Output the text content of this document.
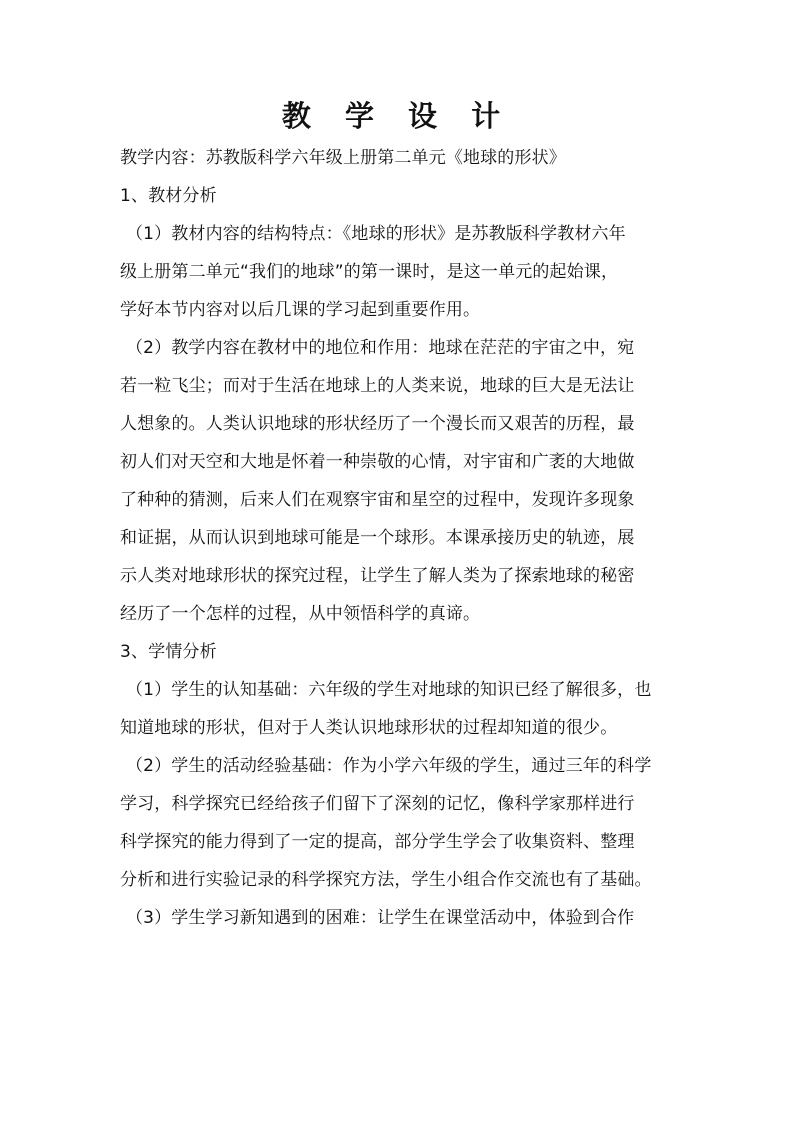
教 学 设 计
教学内容：苏教版科学六年级上册第二单元《地球的形状》
1、教材分析
（1）教材内容的结构特点：《地球的形状》是苏教版科学教材六年
级上册第二单元“我们的地球”的第一课时，是这一单元的起始课，
学好本节内容对以后几课的学习起到重要作用。
（2）教学内容在教材中的地位和作用：地球在茫茫的宇宙之中，宛
若一粒飞尘；而对于生活在地球上的人类来说，地球的巨大是无法让
人想象的。人类认识地球的形状经历了一个漫长而又艰苦的历程，最
初人们对天空和大地是怀着一种崇敬的心情，对宇宙和广袤的大地做
了种种的猜测，后来人们在观察宇宙和星空的过程中，发现许多现象
和证据，从而认识到地球可能是一个球形。本课承接历史的轨迹，展
示人类对地球形状的探究过程，让学生了解人类为了探索地球的秘密
经历了一个怎样的过程，从中领悟科学的真谛。
3、学情分析
（1）学生的认知基础：六年级的学生对地球的知识已经了解很多，也
知道地球的形状，但对于人类认识地球形状的过程却知道的很少。
（2）学生的活动经验基础：作为小学六年级的学生，通过三年的科学
学习，科学探究已经给孩子们留下了深刻的记忆，像科学家那样进行
科学探究的能力得到了一定的提高，部分学生学会了收集资料、整理
分析和进行实验记录的科学探究方法，学生小组合作交流也有了基础。
（3）学生学习新知遇到的困难：让学生在课堂活动中，体验到合作
